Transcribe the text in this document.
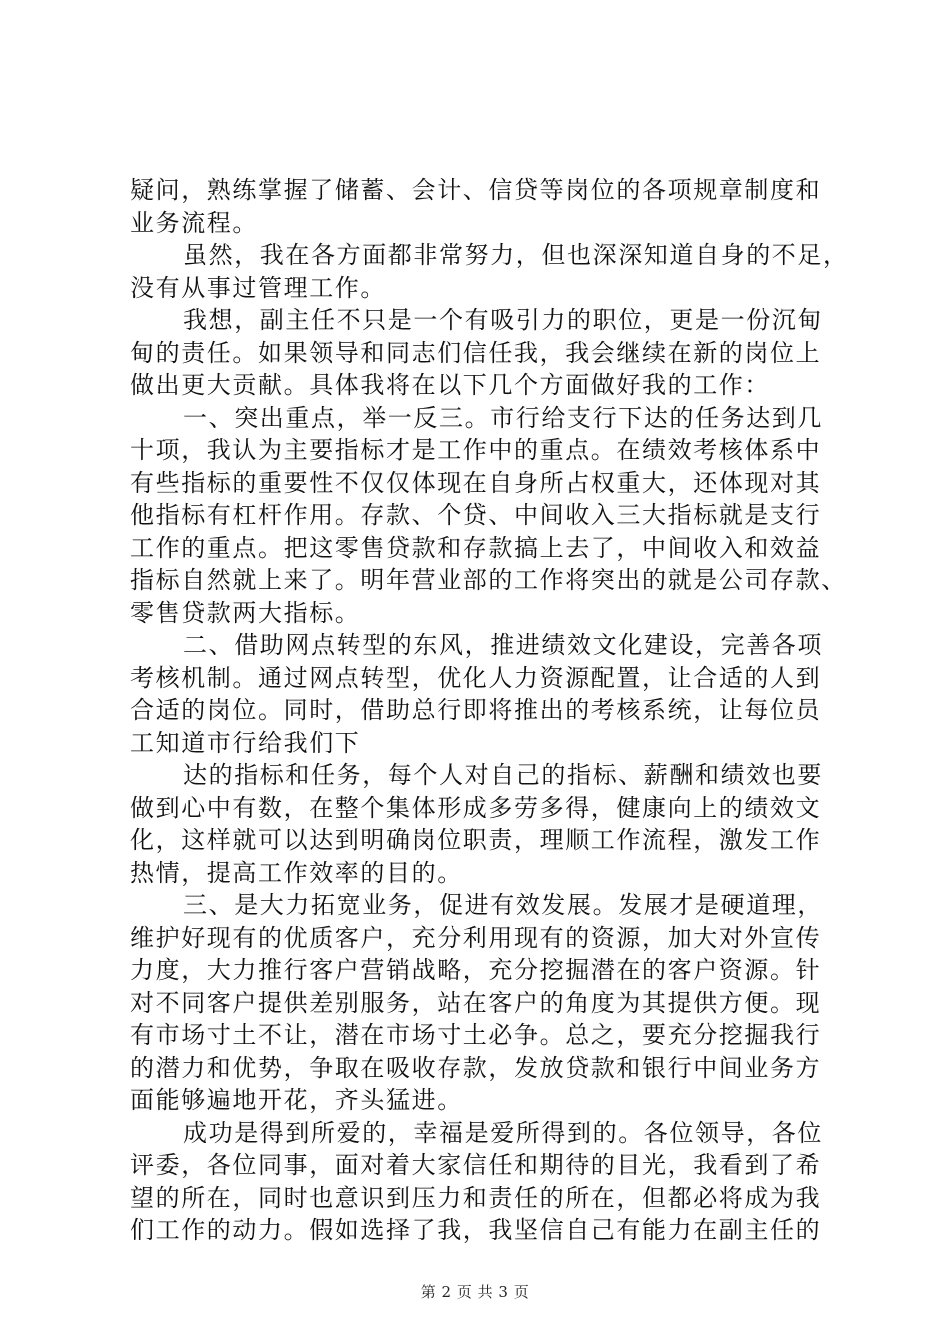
疑问，熟练掌握了储蓄、会计、信贷等岗位的各项规章制度和
业务流程。
虽然，我在各方面都非常努力，但也深深知道自身的不足，
没有从事过管理工作。
我想，副主任不只是一个有吸引力的职位，更是一份沉甸
甸的责任。如果领导和同志们信任我，我会继续在新的岗位上
做出更大贡献。具体我将在以下几个方面做好我的工作：
一、突出重点，举一反三。市行给支行下达的任务达到几
十项，我认为主要指标才是工作中的重点。在绩效考核体系中
有些指标的重要性不仅仅体现在自身所占权重大，还体现对其
他指标有杠杆作用。存款、个贷、中间收入三大指标就是支行
工作的重点。把这零售贷款和存款搞上去了，中间收入和效益
指标自然就上来了。明年营业部的工作将突出的就是公司存款、
零售贷款两大指标。
二、借助网点转型的东风，推进绩效文化建设，完善各项
考核机制。通过网点转型，优化人力资源配置，让合适的人到
合适的岗位。同时，借助总行即将推出的考核系统，让每位员
工知道市行给我们下
达的指标和任务，每个人对自己的指标、薪酬和绩效也要
做到心中有数，在整个集体形成多劳多得，健康向上的绩效文
化，这样就可以达到明确岗位职责，理顺工作流程，激发工作
热情，提高工作效率的目的。
三、是大力拓宽业务，促进有效发展。发展才是硬道理，
维护好现有的优质客户，充分利用现有的资源，加大对外宣传
力度，大力推行客户营销战略，充分挖掘潜在的客户资源。针
对不同客户提供差别服务，站在客户的角度为其提供方便。现
有市场寸土不让，潜在市场寸土必争。总之，要充分挖掘我行
的潜力和优势，争取在吸收存款，发放贷款和银行中间业务方
面能够遍地开花，齐头猛进。
成功是得到所爱的，幸福是爱所得到的。各位领导，各位
评委，各位同事，面对着大家信任和期待的目光，我看到了希
望的所在，同时也意识到压力和责任的所在，但都必将成为我
们工作的动力。假如选择了我，我坚信自己有能力在副主任的
第 2 页 共 3 页
